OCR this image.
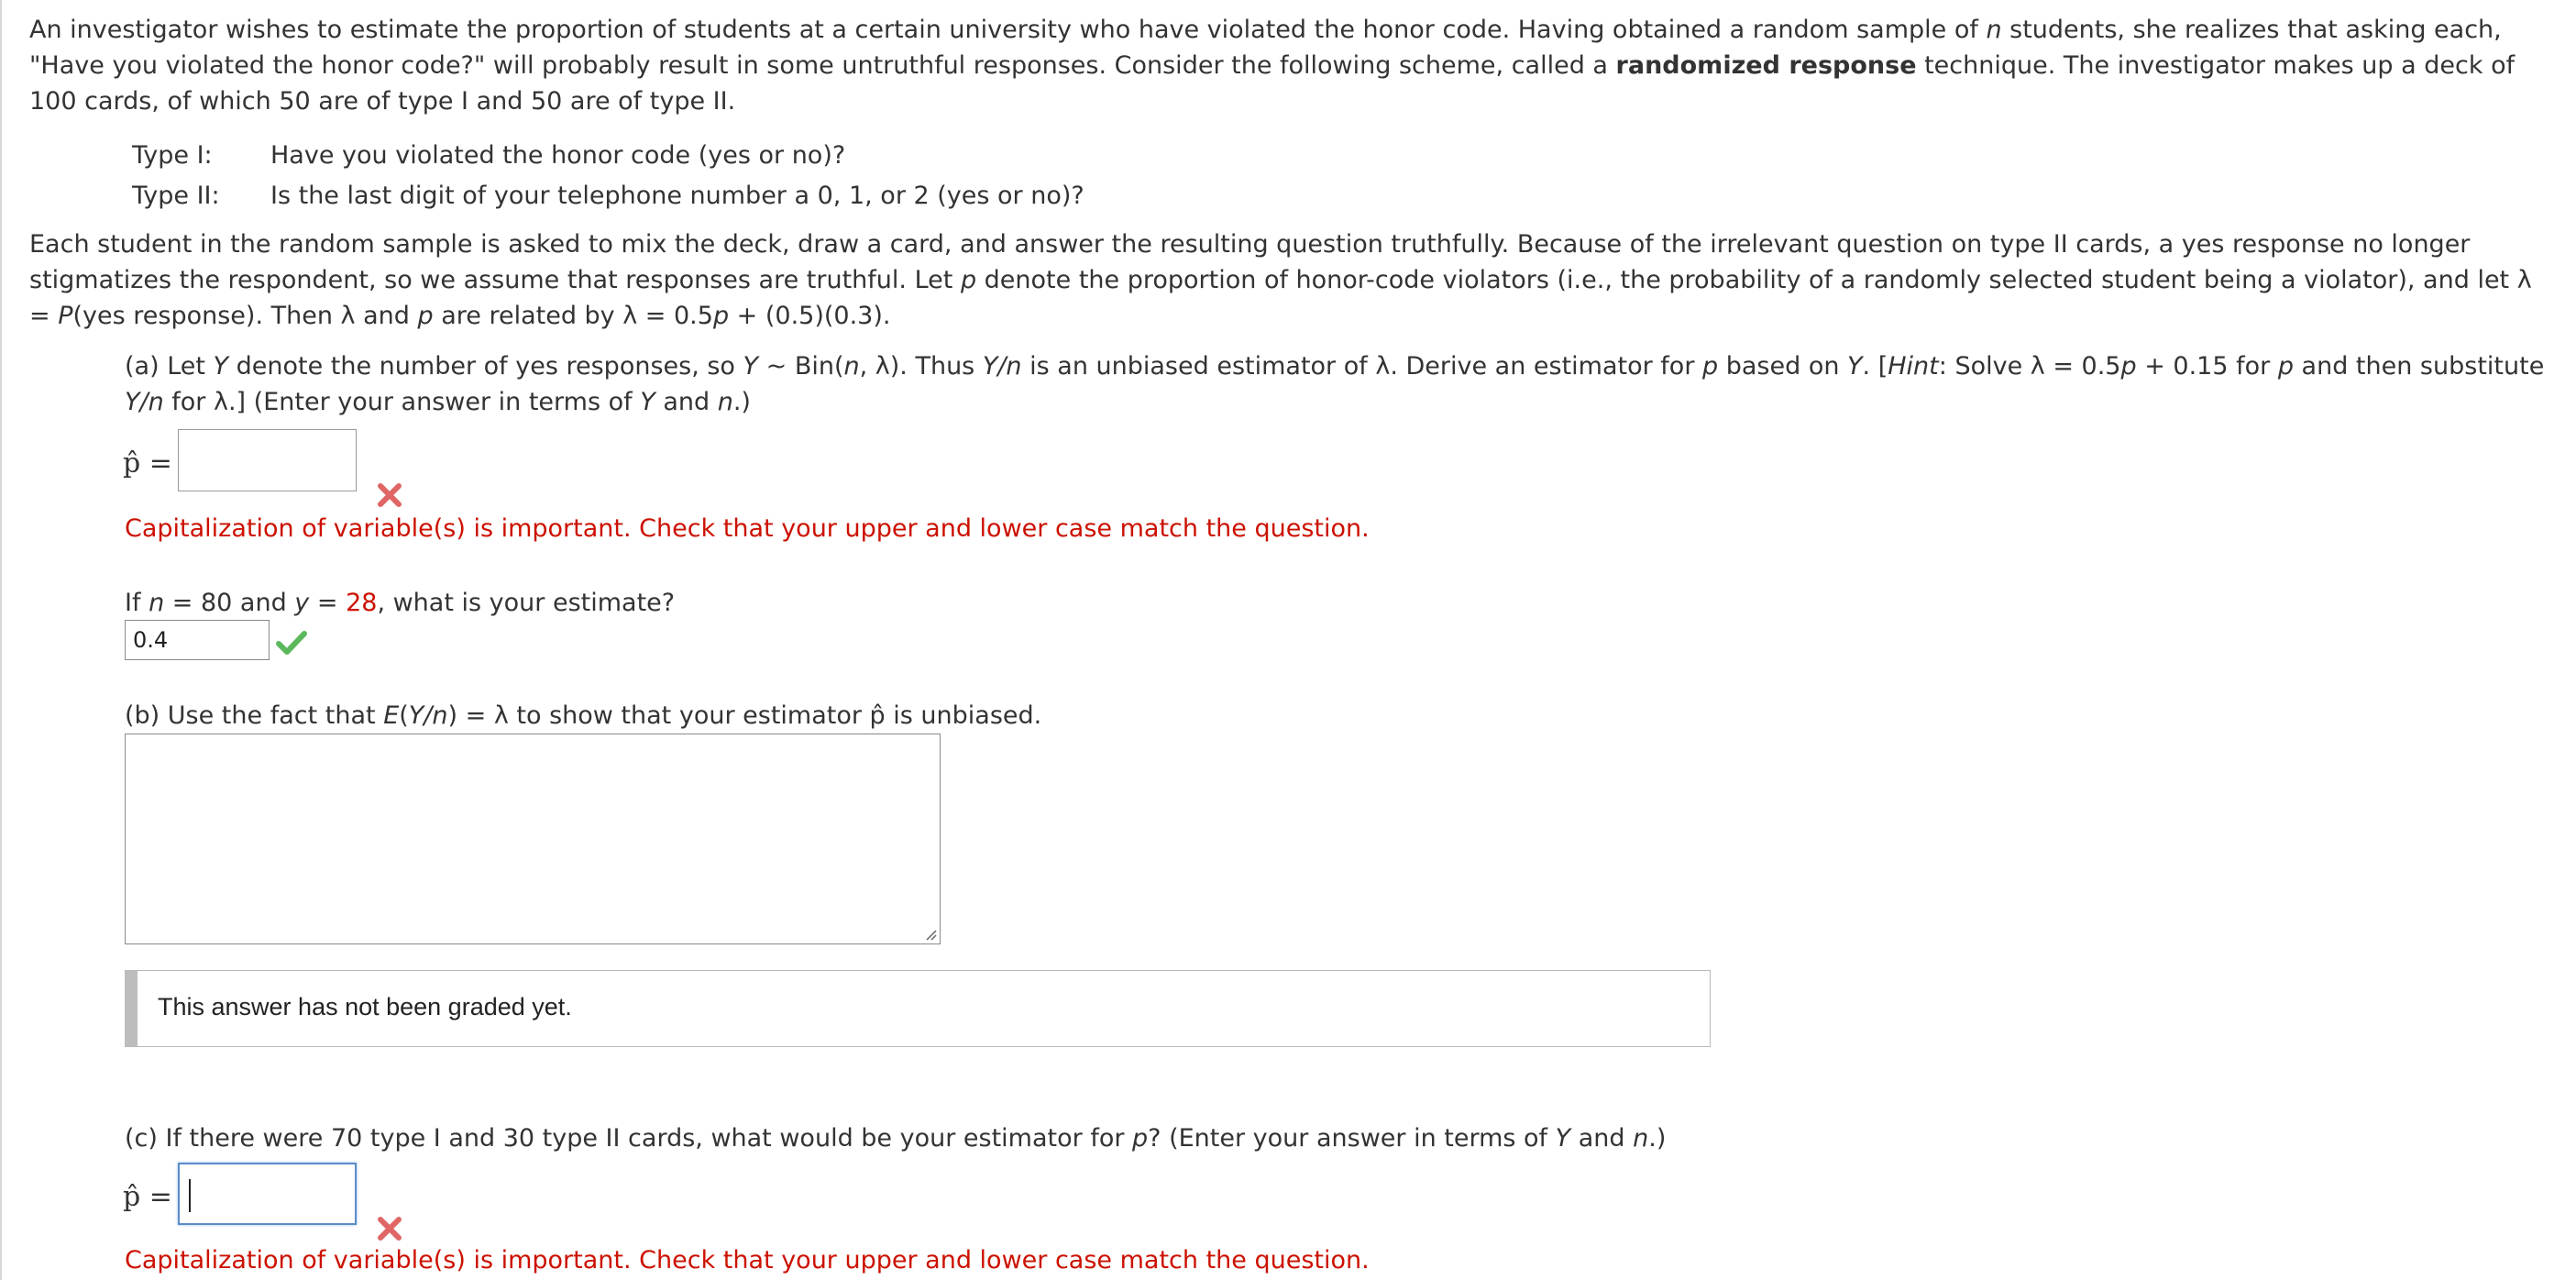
An investigator wishes to estimate the proportion of students at a certain university who have violated the honor code. Having obtained a random sample of n students, she realizes that asking each, "Have you violated the honor code?" will probably result in some untruthful responses. Consider the following scheme, called a randomized response technique. The investigator makes up a deck of 100 cards, of which 50 are of type I and 50 are of type II.

Type I: Have you violated the honor code (yes or no)?
Type II: Is the last digit of your telephone number a 0, 1, or 2 (yes or no)?

Each student in the random sample is asked to mix the deck, draw a card, and answer the resulting question truthfully. Because of the irrelevant question on type II cards, a yes response no longer stigmatizes the respondent, so we assume that responses are truthful. Let p denote the proportion of honor-code violators (i.e., the probability of a randomly selected student being a violator), and let λ = P(yes response). Then λ and p are related by λ = 0.5p + (0.5)(0.3).

(a) Let Y denote the number of yes responses, so Y ~ Bin(n, λ). Thus Y/n is an unbiased estimator of λ. Derive an estimator for p based on Y. [Hint: Solve λ = 0.5p + 0.15 for p and then substitute Y/n for λ.] (Enter your answer in terms of Y and n.)
p̂ =
Capitalization of variable(s) is important. Check that your upper and lower case match the question.
If n = 80 and y = 28, what is your estimate?
0.4
(b) Use the fact that E(Y/n) = λ to show that your estimator p̂ is unbiased.
This answer has not been graded yet.
(c) If there were 70 type I and 30 type II cards, what would be your estimator for p? (Enter your answer in terms of Y and n.)
p̂ =
Capitalization of variable(s) is important. Check that your upper and lower case match the question.
